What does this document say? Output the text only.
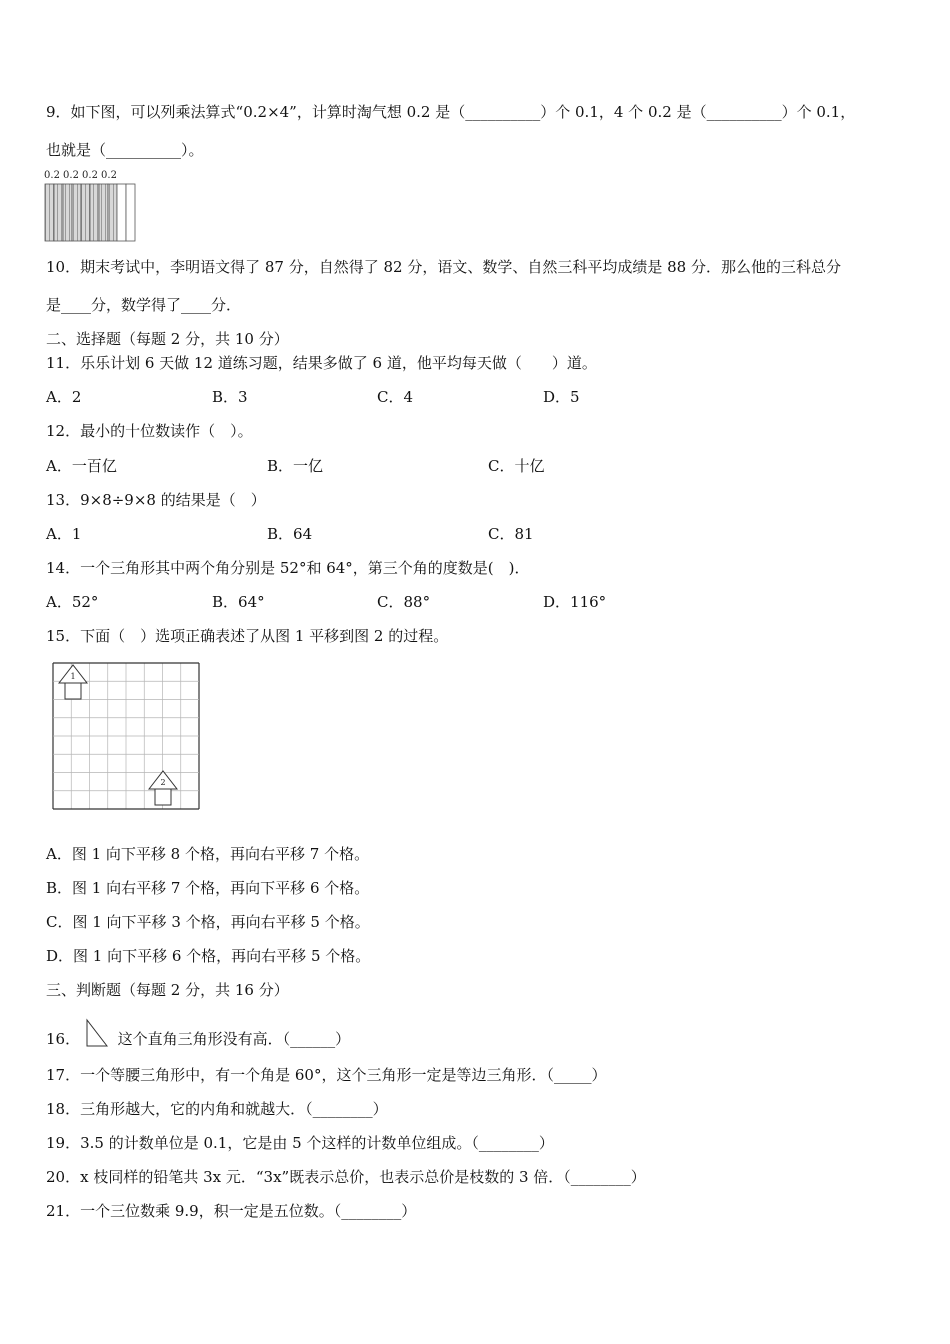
9．如下图，可以列乘法算式“0.2×4”，计算时淘气想 0.2 是（__________）个 0.1，4 个 0.2 是（__________）个 0.1，
也就是（__________）。
0.2 0.2 0.2 0.2
10．期末考试中，李明语文得了 87 分，自然得了 82 分，语文、数学、自然三科平均成绩是 88 分．那么他的三科总分
是____分，数学得了____分．
二、选择题（每题 2 分，共 10 分）
11．乐乐计划 6 天做 12 道练习题，结果多做了 6 道，他平均每天做（　　）道。
A．2	B．3	C．4	D．5
12．最小的十位数读作（　）。
A．一百亿	B．一亿	C．十亿
13．9×8÷9×8 的结果是（　）
A．1	B．64	C．81
14．一个三角形其中两个角分别是 52°和 64°，第三个角的度数是(　)．
A．52°	B．64°	C．88°	D．116°
15．下面（　）选项正确表述了从图 1 平移到图 2 的过程。
1
2
A．图 1 向下平移 8 个格，再向右平移 7 个格。
B．图 1 向右平移 7 个格，再向下平移 6 个格。
C．图 1 向下平移 3 个格，再向右平移 5 个格。
D．图 1 向下平移 6 个格，再向右平移 5 个格。
三、判断题（每题 2 分，共 16 分）
16．	这个直角三角形没有高．（______）
17．一个等腰三角形中，有一个角是 60°，这个三角形一定是等边三角形．（_____）
18．三角形越大，它的内角和就越大．（________）
19．3.5 的计数单位是 0.1，它是由 5 个这样的计数单位组成。（________）
20．x 枝同样的铅笔共 3x 元．“3x”既表示总价，也表示总价是枝数的 3 倍．（________）
21．一个三位数乘 9.9，积一定是五位数。（________）
